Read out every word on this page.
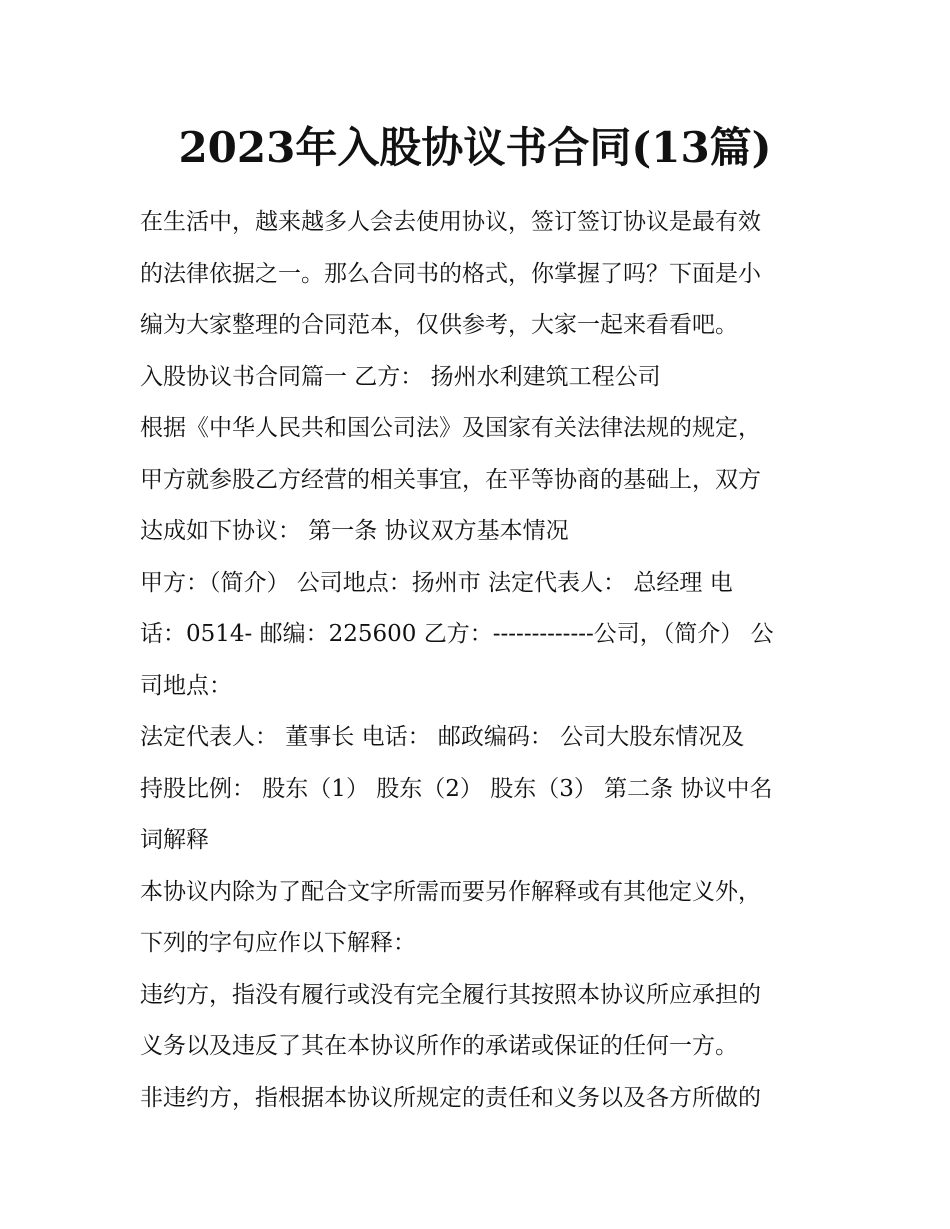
2023年入股协议书合同(13篇)

在生活中，越来越多人会去使用协议，签订签订协议是最有效
的法律依据之一。那么合同书的格式，你掌握了吗？下面是小
编为大家整理的合同范本，仅供参考，大家一起来看看吧。

入股协议书合同篇一 乙方： 扬州水利建筑工程公司

根据《中华人民共和国公司法》及国家有关法律法规的规定，
甲方就参股乙方经营的相关事宜，在平等协商的基础上，双方
达成如下协议： 第一条 协议双方基本情况

甲方：（简介） 公司地点：扬州市 法定代表人： 总经理 电
话：0514- 邮编：225600 乙方：-------------公司，（简介） 公
司地点：

法定代表人： 董事长 电话： 邮政编码： 公司大股东情况及
持股比例： 股东（1） 股东（2） 股东（3） 第二条 协议中名
词解释

本协议内除为了配合文字所需而要另作解释或有其他定义外，
下列的字句应作以下解释：

违约方，指没有履行或没有完全履行其按照本协议所应承担的
义务以及违反了其在本协议所作的承诺或保证的任何一方。

非违约方，指根据本协议所规定的责任和义务以及各方所做的
